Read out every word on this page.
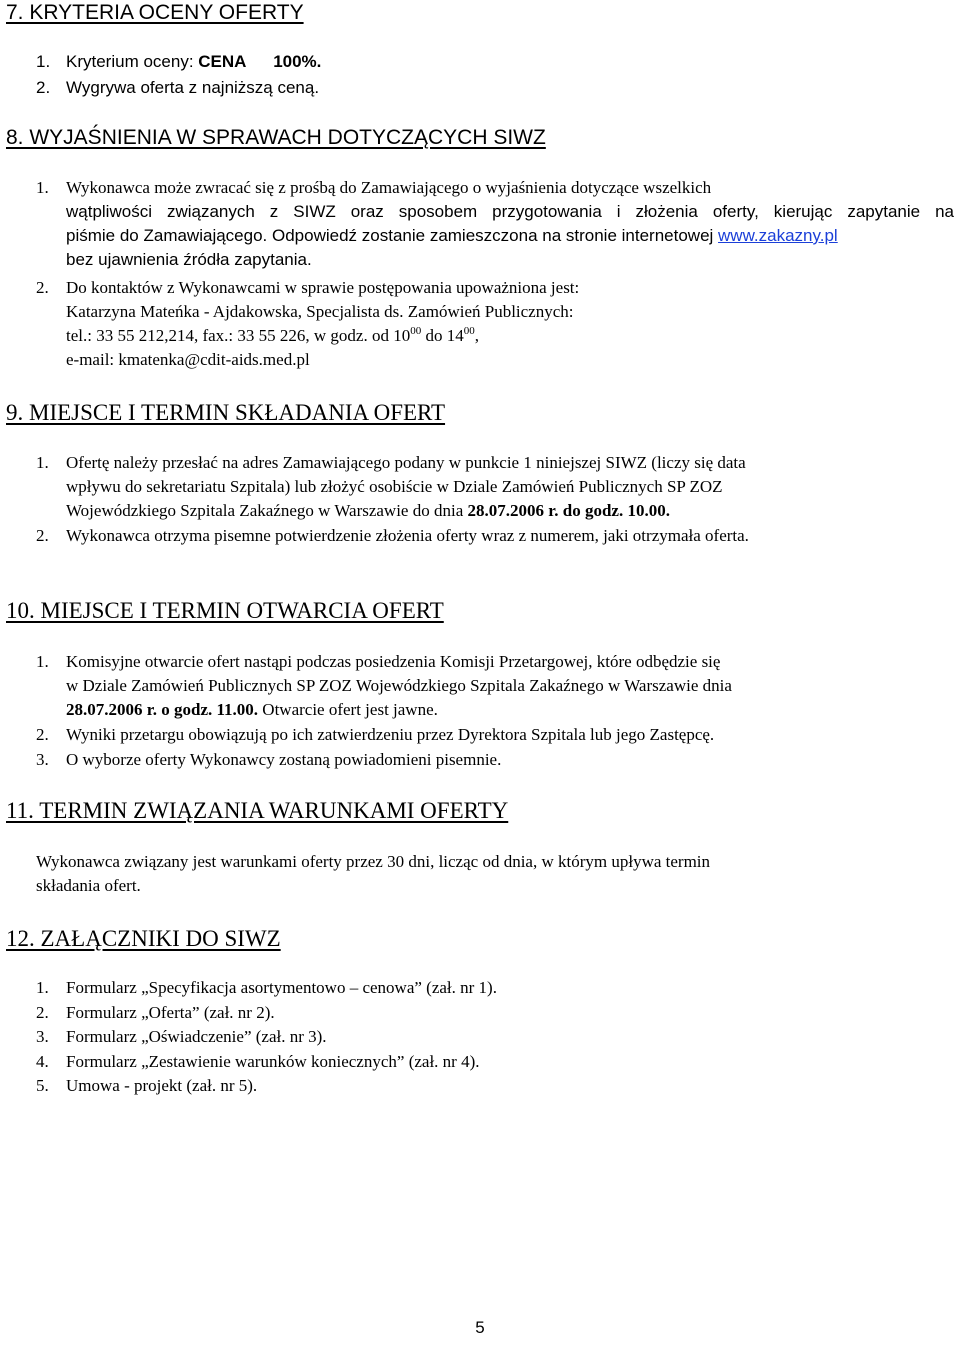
7. KRYTERIA OCENY OFERTY
1. Kryterium oceny: CENA 100%.
2. Wygrywa oferta z najniższą ceną.
8. WYJAŚNIENIA W SPRAWACH DOTYCZĄCYCH SIWZ
1. Wykonawca może zwracać się z prośbą do Zamawiającego o wyjaśnienia dotyczące wszelkich
wątpliwości związanych z SIWZ oraz sposobem przygotowania i złożenia oferty, kierując zapytanie na
piśmie do Zamawiającego.
Odpowiedź zostanie zamieszczona na stronie internetowej
www.zakazny.pl
bez ujawnienia źródła zapytania.
2. Do kontaktów z Wykonawcami w sprawie postępowania upoważniona jest:
Katarzyna Mateńka - Ajdakowska, Specjalista ds. Zamówień Publicznych:
tel.: 33 55 212,214, fax.: 33 55 226, w godz. od $10^{00}$ do $14^{00}$,
e-mail: kmatenka@cdit-aids.med.pl
9. MIEJSCE I TERMIN SKŁADANIA OFERT
1. Ofertę należy przesłać na adres Zamawiającego podany w punkcie 1 niniejszej SIWZ (liczy się data
wpływu do sekretariatu Szpitala) lub złożyć osobiście w Dziale Zamówień Publicznych SP ZOZ
Wojewódzkiego Szpitala Zakaźnego w Warszawie do dnia 28.07.2006 r. do godz. 10.00.
2. Wykonawca otrzyma pisemne potwierdzenie złożenia oferty wraz z numerem, jaki otrzymała oferta.
10. MIEJSCE I TERMIN OTWARCIA OFERT
1. Komisyjne otwarcie ofert nastąpi podczas posiedzenia Komisji Przetargowej, które odbędzie się
w Dziale Zamówień Publicznych SP ZOZ Wojewódzkiego Szpitala Zakaźnego w Warszawie dnia
28.07.2006 r. o godz. 11.00. Otwarcie ofert jest jawne.
2. Wyniki przetargu obowiązują po ich zatwierdzeniu przez Dyrektora Szpitala lub jego Zastępcę.
3. O wyborze oferty Wykonawcy zostaną powiadomieni pisemnie.
11. TERMIN ZWIĄZANIA WARUNKAMI OFERTY
Wykonawca związany jest warunkami oferty przez 30 dni, licząc od dnia, w którym upływa termin
składania ofert.
12. ZAŁĄCZNIKI DO SIWZ
1. Formularz „Specyfikacja asortymentowo – cenowa” (zał. nr 1).
2. Formularz „Oferta” (zał. nr 2).
3. Formularz „Oświadczenie” (zał. nr 3).
4. Formularz „Zestawienie warunków koniecznych” (zał. nr 4).
5. Umowa - projekt (zał. nr 5).
5
